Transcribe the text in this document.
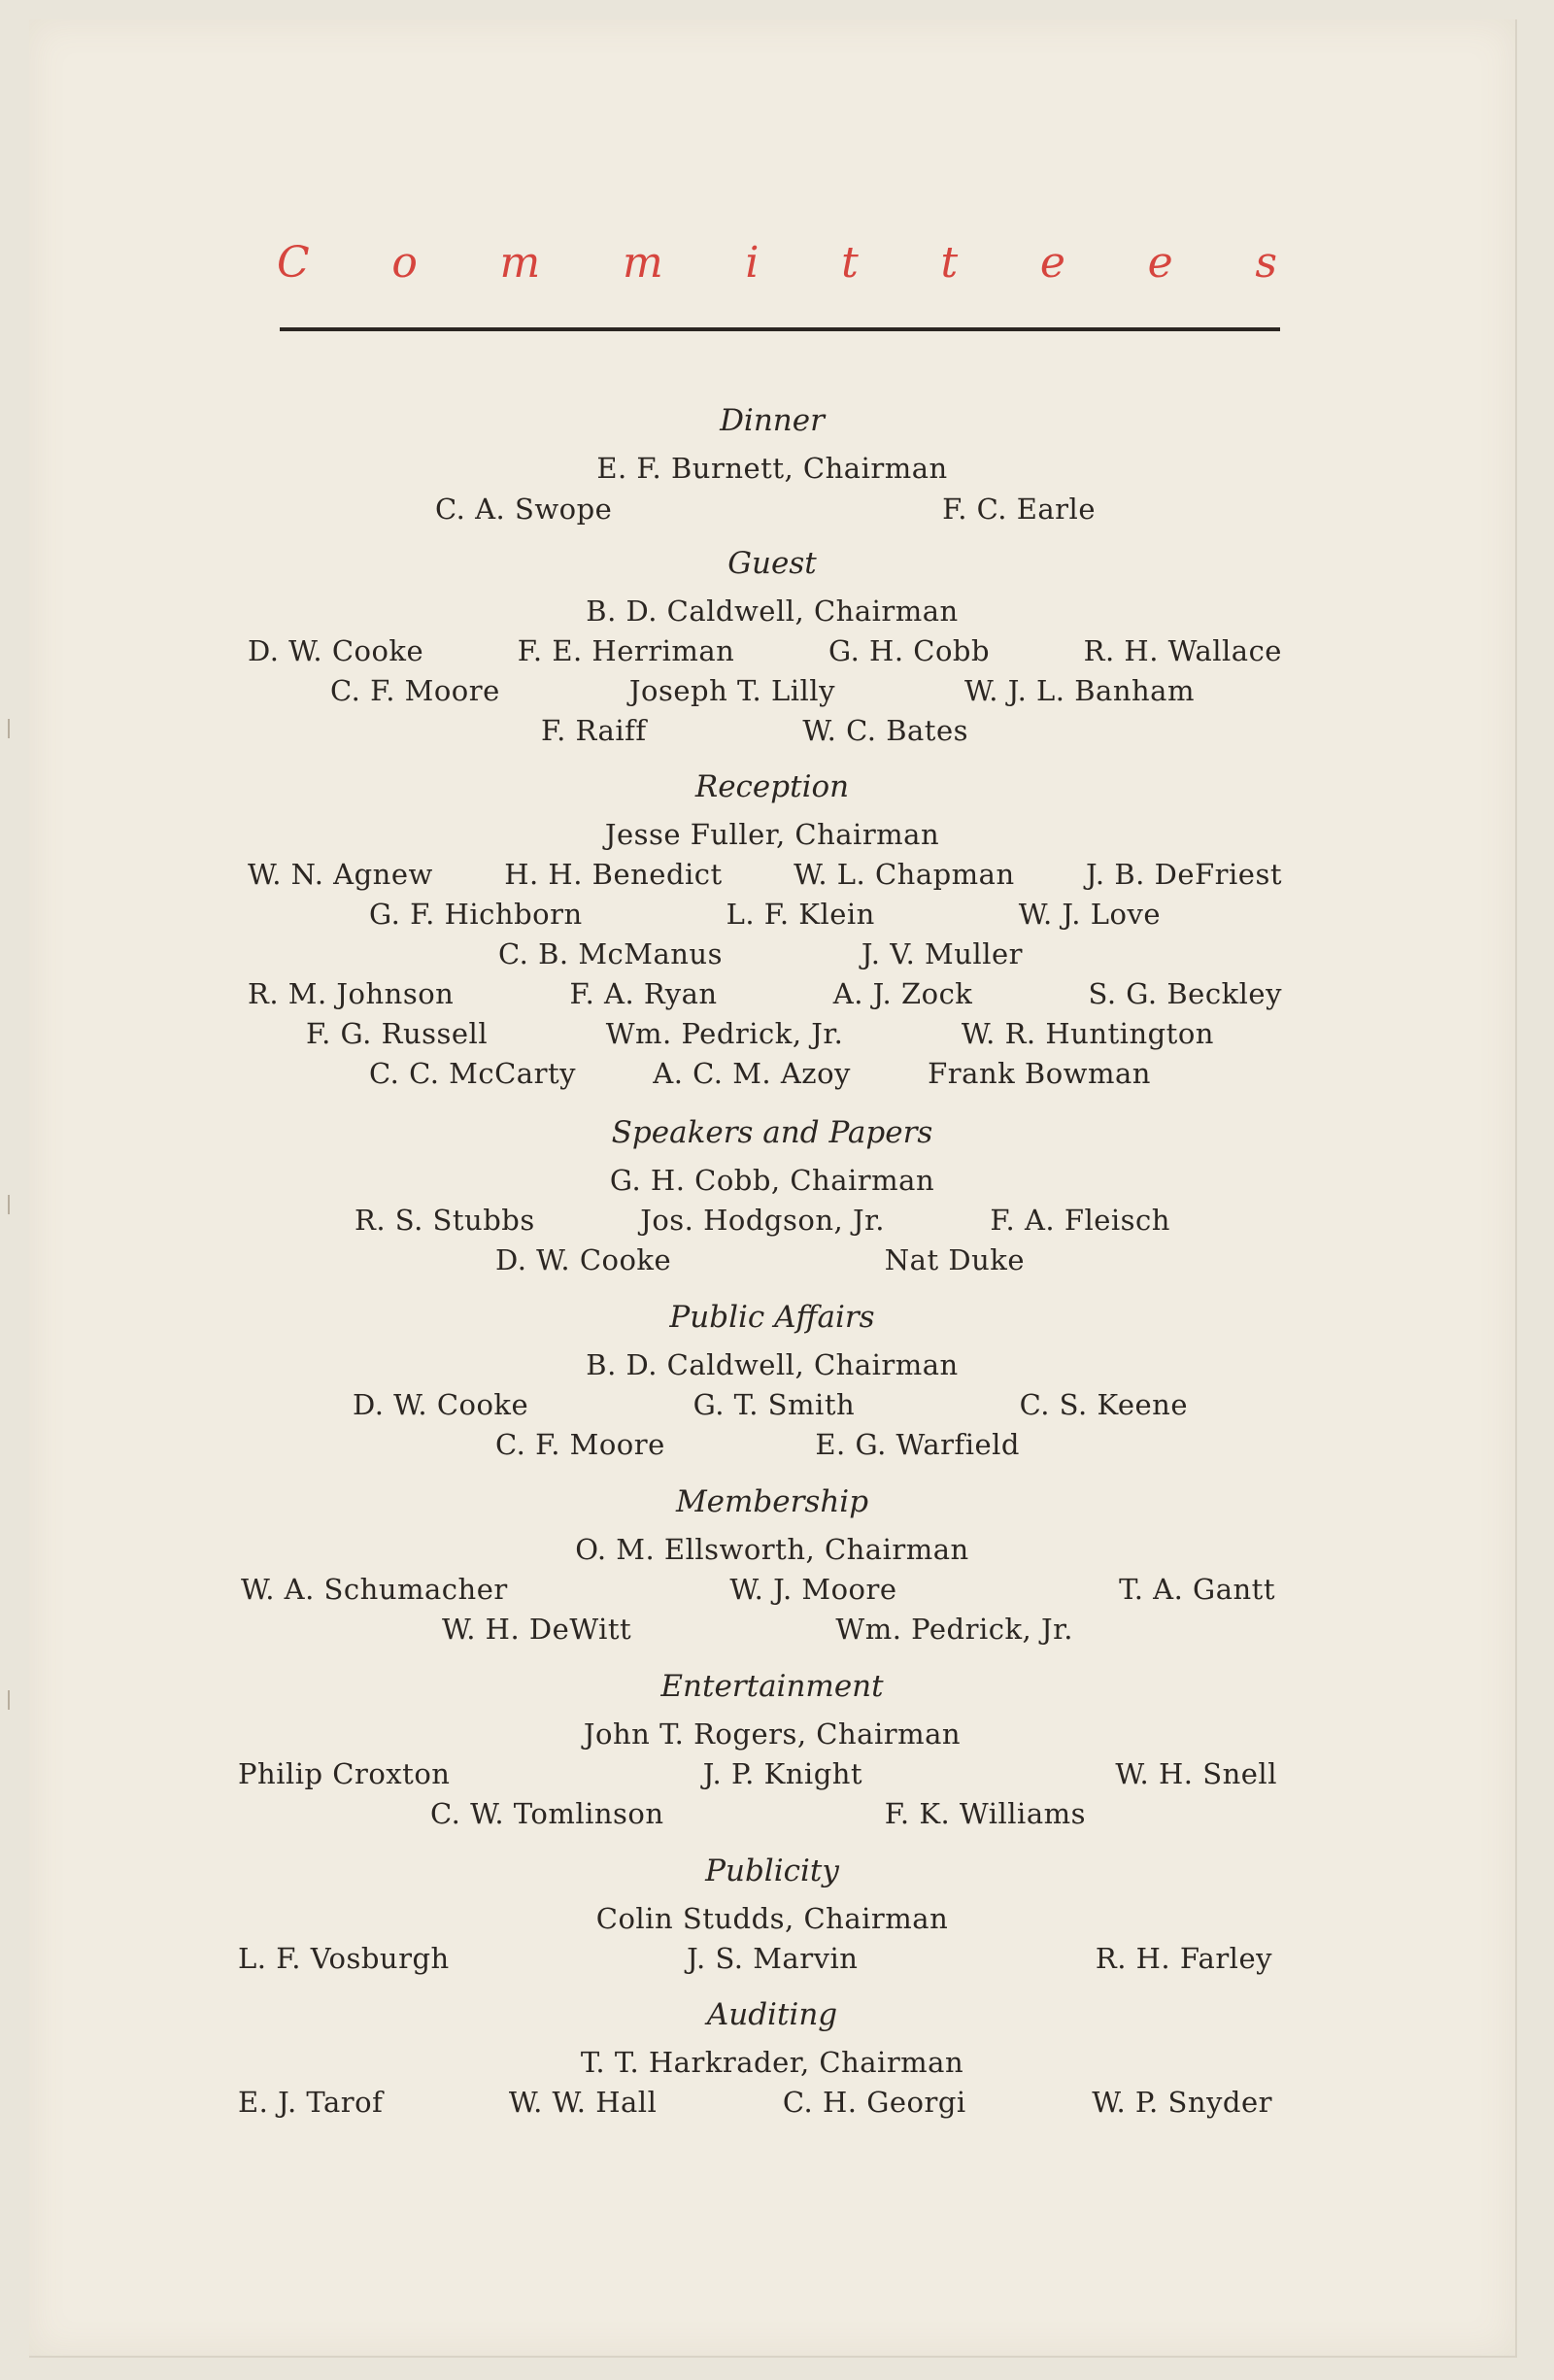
C o m m i t t e e s
Dinner
E. F. Burnett, Chairman
C. A. Swope	F. C. Earle
Guest
B. D. Caldwell, Chairman
D. W. Cooke	F. E. Herriman	G. H. Cobb	R. H. Wallace
C. F. Moore	Joseph T. Lilly	W. J. L. Banham
F. Raiff	W. C. Bates
Reception
Jesse Fuller, Chairman
W. N. Agnew	H. H. Benedict	W. L. Chapman	J. B. DeFriest
G. F. Hichborn	L. F. Klein	W. J. Love
C. B. McManus	J. V. Muller
R. M. Johnson	F. A. Ryan	A. J. Zock	S. G. Beckley
F. G. Russell	Wm. Pedrick, Jr.	W. R. Huntington
C. C. McCarty	A. C. M. Azoy	Frank Bowman
Speakers and Papers
G. H. Cobb, Chairman
R. S. Stubbs	Jos. Hodgson, Jr.	F. A. Fleisch
D. W. Cooke	Nat Duke
Public Affairs
B. D. Caldwell, Chairman
D. W. Cooke	G. T. Smith	C. S. Keene
C. F. Moore	E. G. Warfield
Membership
O. M. Ellsworth, Chairman
W. A. Schumacher	W. J. Moore	T. A. Gantt
W. H. DeWitt	Wm. Pedrick, Jr.
Entertainment
John T. Rogers, Chairman
Philip Croxton	J. P. Knight	W. H. Snell
C. W. Tomlinson	F. K. Williams
Publicity
Colin Studds, Chairman
L. F. Vosburgh	J. S. Marvin	R. H. Farley
Auditing
T. T. Harkrader, Chairman
E. J. Tarof	W. W. Hall	C. H. Georgi	W. P. Snyder
